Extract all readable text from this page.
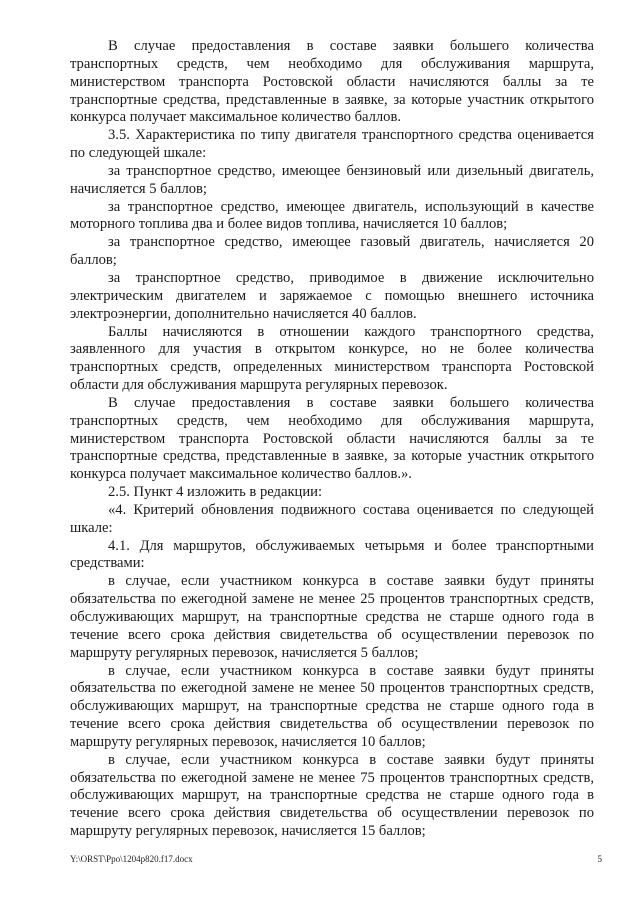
В случае предоставления в составе заявки большего количества транспортных средств, чем необходимо для обслуживания маршрута, министерством транспорта Ростовской области начисляются баллы за те транспортные средства, представленные в заявке, за которые участник открытого конкурса получает максимальное количество баллов.

3.5. Характеристика по типу двигателя транспортного средства оценивается по следующей шкале:

за транспортное средство, имеющее бензиновый или дизельный двигатель, начисляется 5 баллов;

за транспортное средство, имеющее двигатель, использующий в качестве моторного топлива два и более видов топлива, начисляется 10 баллов;

за транспортное средство, имеющее газовый двигатель, начисляется 20 баллов;

за транспортное средство, приводимое в движение исключительно электрическим двигателем и заряжаемое с помощью внешнего источника электроэнергии, дополнительно начисляется 40 баллов.

Баллы начисляются в отношении каждого транспортного средства, заявленного для участия в открытом конкурсе, но не более количества транспортных средств, определенных министерством транспорта Ростовской области для обслуживания маршрута регулярных перевозок.

В случае предоставления в составе заявки большего количества транспортных средств, чем необходимо для обслуживания маршрута, министерством транспорта Ростовской области начисляются баллы за те транспортные средства, представленные в заявке, за которые участник открытого конкурса получает максимальное количество баллов.».

2.5. Пункт 4 изложить в редакции:

«4. Критерий обновления подвижного состава оценивается по следующей шкале:

4.1. Для маршрутов, обслуживаемых четырьмя и более транспортными средствами:

в случае, если участником конкурса в составе заявки будут приняты обязательства по ежегодной замене не менее 25 процентов транспортных средств, обслуживающих маршрут, на транспортные средства не старше одного года в течение всего срока действия свидетельства об осуществлении перевозок по маршруту регулярных перевозок, начисляется 5 баллов;

в случае, если участником конкурса в составе заявки будут приняты обязательства по ежегодной замене не менее 50 процентов транспортных средств, обслуживающих маршрут, на транспортные средства не старше одного года в течение всего срока действия свидетельства об осуществлении перевозок по маршруту регулярных перевозок, начисляется 10 баллов;

в случае, если участником конкурса в составе заявки будут приняты обязательства по ежегодной замене не менее 75 процентов транспортных средств, обслуживающих маршрут, на транспортные средства не старше одного года в течение всего срока действия свидетельства об осуществлении перевозок по маршруту регулярных перевозок, начисляется 15 баллов;

Y:\ORST\Ppo\1204p820.f17.docx	5
